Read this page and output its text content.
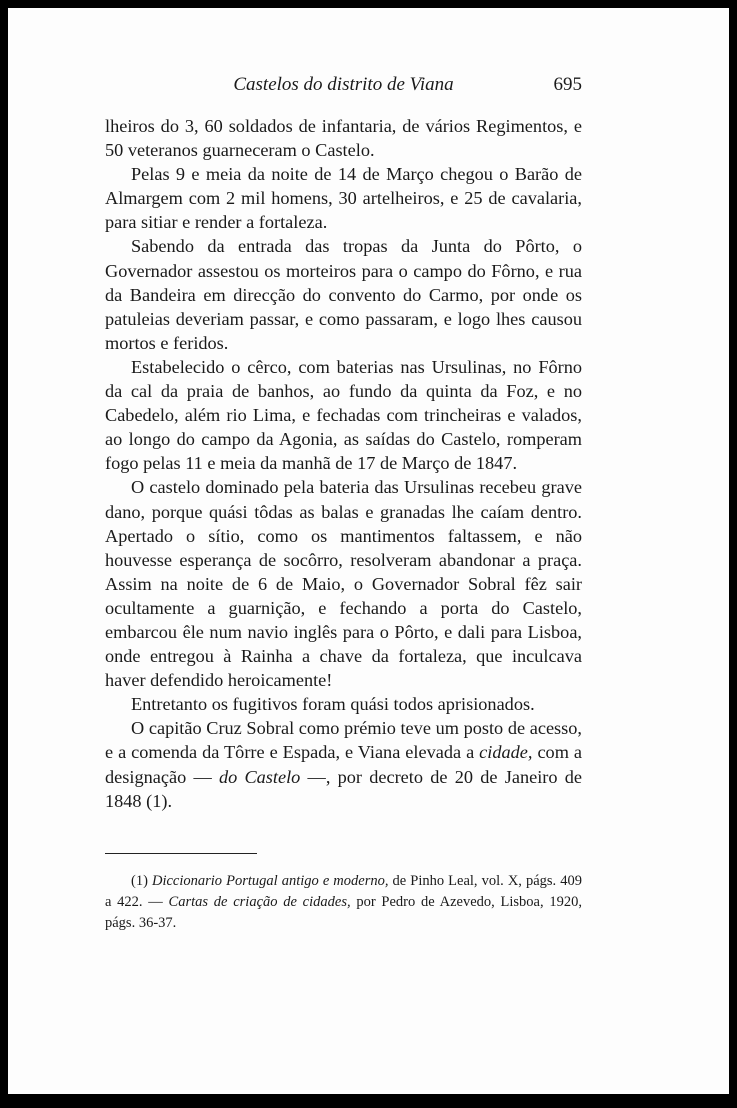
Castelos do distrito de Viana	695

lheiros do 3, 60 soldados de infantaria, de vários Regimentos, e 50 veteranos guarneceram o Castelo.

Pelas 9 e meia da noite de 14 de Março chegou o Barão de Almargem com 2 mil homens, 30 artelheiros, e 25 de cavalaria, para sitiar e render a fortaleza.

Sabendo da entrada das tropas da Junta do Pôrto, o Governador assestou os morteiros para o campo do Fôrno, e rua da Bandeira em direcção do convento do Carmo, por onde os patuleias deveriam passar, e como passaram, e logo lhes causou mortos e feridos.

Estabelecido o cêrco, com baterias nas Ursulinas, no Fôrno da cal da praia de banhos, ao fundo da quinta da Foz, e no Cabedelo, além rio Lima, e fechadas com trincheiras e valados, ao longo do campo da Agonia, as saídas do Castelo, romperam fogo pelas 11 e meia da manhã de 17 de Março de 1847.

O castelo dominado pela bateria das Ursulinas recebeu grave dano, porque quási tôdas as balas e granadas lhe caíam dentro. Apertado o sítio, como os mantimentos faltassem, e não houvesse esperança de socôrro, resolveram abandonar a praça. Assim na noite de 6 de Maio, o Governador Sobral fêz sair ocultamente a guarnição, e fechando a porta do Castelo, embarcou êle num navio inglês para o Pôrto, e dali para Lisboa, onde entregou à Rainha a chave da fortaleza, que inculcava haver defendido heroicamente!

Entretanto os fugitivos foram quási todos aprisionados.

O capitão Cruz Sobral como prémio teve um posto de acesso, e a comenda da Tôrre e Espada, e Viana elevada a cidade, com a designação — do Castelo —, por decreto de 20 de Janeiro de 1848 (1).

(1) Diccionario Portugal antigo e moderno, de Pinho Leal, vol. X, págs. 409 a 422. — Cartas de criação de cidades, por Pedro de Azevedo, Lisboa, 1920, págs. 36-37.
